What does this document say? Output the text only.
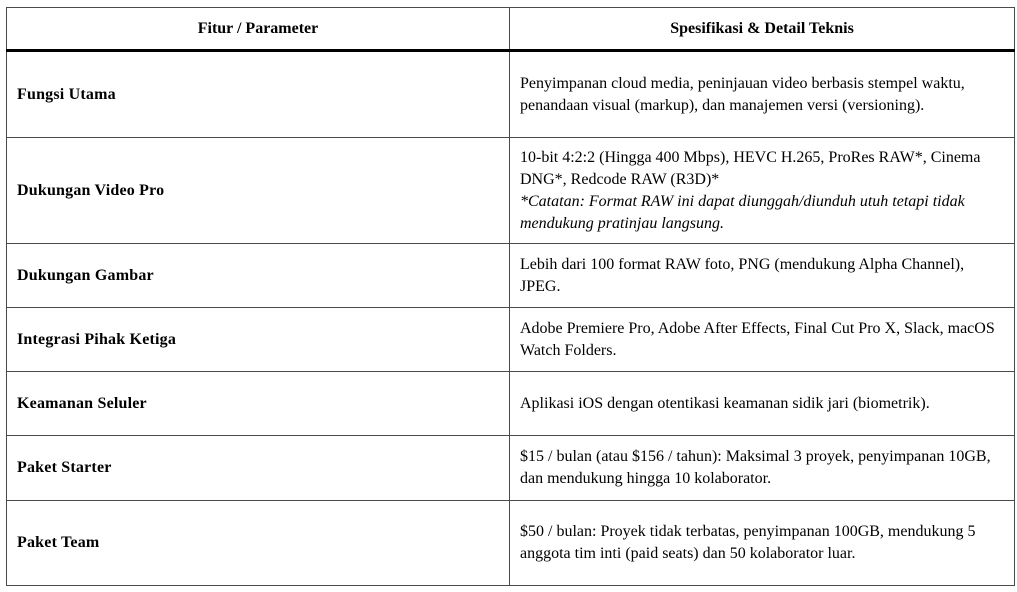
Fitur / Parameter	Spesifikasi & Detail Teknis
Fungsi Utama	Penyimpanan cloud media, peninjauan video berbasis stempel waktu, penandaan visual (markup), dan manajemen versi (versioning).

Dukungan Video Pro	10-bit 4:2:2 (Hingga 400 Mbps), HEVC H.265, ProRes RAW*, Cinema DNG*, Redcode RAW (R3D)*
*Catatan: Format RAW ini dapat diunggah/diunduh utuh tetapi tidak mendukung pratinjau langsung.

Dukungan Gambar	Lebih dari 100 format RAW foto, PNG (mendukung Alpha Channel), JPEG.

Integrasi Pihak Ketiga	Adobe Premiere Pro, Adobe After Effects, Final Cut Pro X, Slack, macOS Watch Folders.

Keamanan Seluler	Aplikasi iOS dengan otentikasi keamanan sidik jari (biometrik).

Paket Starter	$15 / bulan (atau $156 / tahun): Maksimal 3 proyek, penyimpanan 10GB, dan mendukung hingga 10 kolaborator.

Paket Team	$50 / bulan: Proyek tidak terbatas, penyimpanan 100GB, mendukung 5 anggota tim inti (paid seats) dan 50 kolaborator luar.
